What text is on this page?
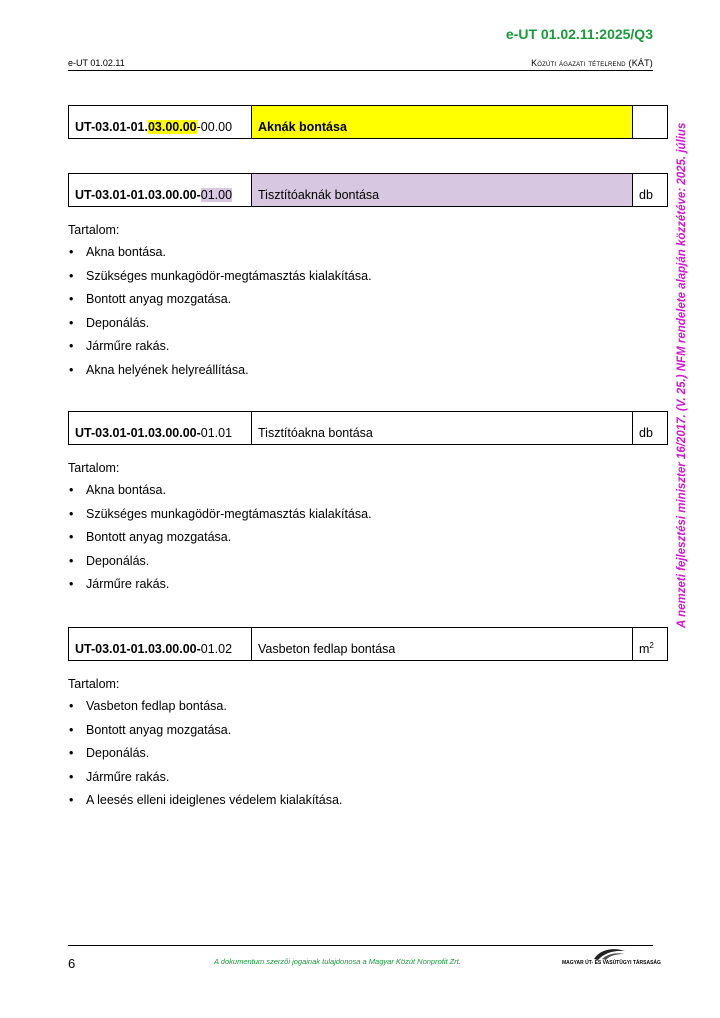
e-UT 01.02.11:2025/Q3
e-UT 01.02.11	Közúti ágazati tételrend (KÁT)
A nemzeti fejlesztési miniszter 16/2017. (V. 25.) NFM rendelete alapján közzétéve: 2025. július
UT-03.01-01.03.00.00-00.00	Aknák bontása	
UT-03.01-01.03.00.00-01.00	Tisztítóaknák bontása	db
Tartalom:
• Akna bontása.
• Szükséges munkagödör-megtámasztás kialakítása.
• Bontott anyag mozgatása.
• Deponálás.
• Járműre rakás.
• Akna helyének helyreállítása.
UT-03.01-01.03.00.00-01.01	Tisztítóakna bontása	db
Tartalom:
• Akna bontása.
• Szükséges munkagödör-megtámasztás kialakítása.
• Bontott anyag mozgatása.
• Deponálás.
• Járműre rakás.
UT-03.01-01.03.00.00-01.02	Vasbeton fedlap bontása	$m^2$
Tartalom:
• Vasbeton fedlap bontása.
• Bontott anyag mozgatása.
• Deponálás.
• Járműre rakás.
• A leesés elleni ideiglenes védelem kialakítása.
6	A dokumentum szerzői jogainak tulajdonosa a Magyar Közút Nonprofit Zrt.	MAGYAR ÚT- ÉS VASÚTÜGYI TÁRSASÁG
